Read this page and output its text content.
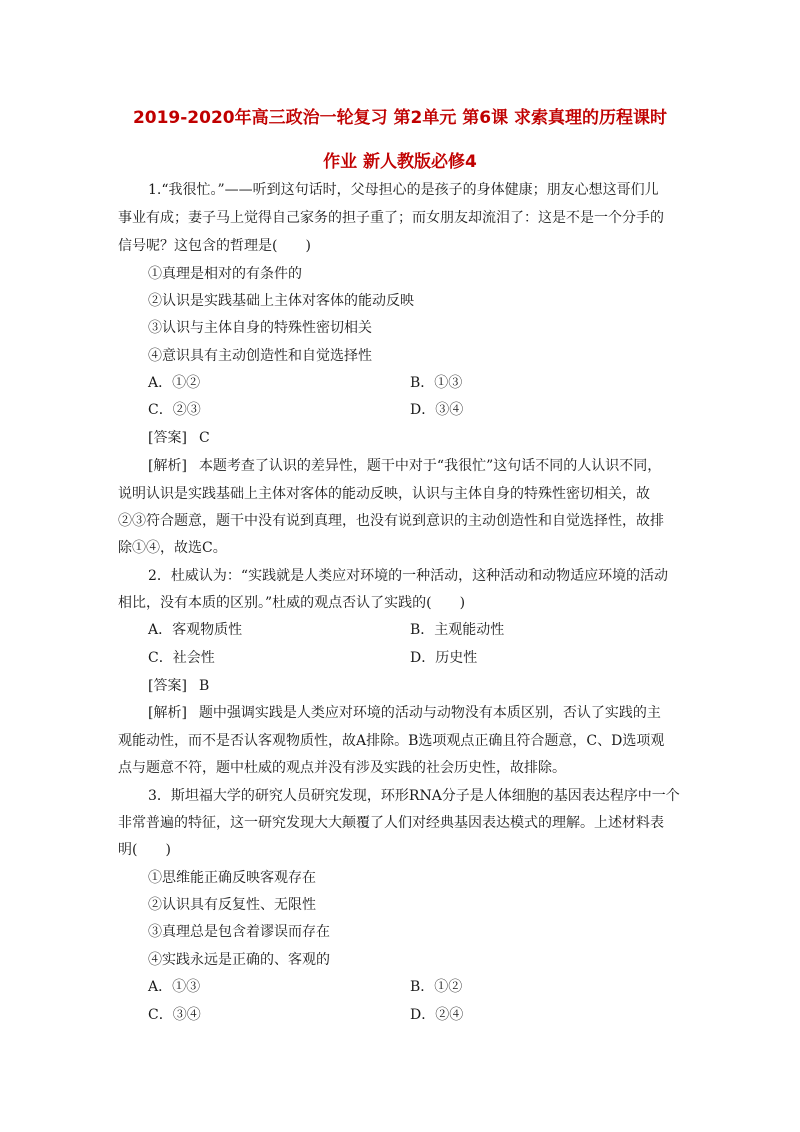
2019-2020年高三政治一轮复习 第2单元 第6课 求索真理的历程课时
作业 新人教版必修4
1.“我很忙。”——听到这句话时，父母担心的是孩子的身体健康；朋友心想这哥们儿
事业有成；妻子马上觉得自己家务的担子重了；而女朋友却流泪了：这是不是一个分手的
信号呢？这包含的哲理是(　　)
①真理是相对的有条件的
②认识是实践基础上主体对客体的能动反映
③认识与主体自身的特殊性密切相关
④意识具有主动创造性和自觉选择性
A．①②	B．①③
C．②③	D．③④
[答案] C
[解析] 本题考查了认识的差异性，题干中对于“我很忙”这句话不同的人认识不同，
说明认识是实践基础上主体对客体的能动反映，认识与主体自身的特殊性密切相关，故
②③符合题意，题干中没有说到真理，也没有说到意识的主动创造性和自觉选择性，故排
除①④，故选C。
2．杜威认为：“实践就是人类应对环境的一种活动，这种活动和动物适应环境的活动
相比，没有本质的区别。”杜威的观点否认了实践的(　　)
A．客观物质性	B．主观能动性
C．社会性	D．历史性
[答案] B
[解析] 题中强调实践是人类应对环境的活动与动物没有本质区别，否认了实践的主
观能动性，而不是否认客观物质性，故A排除。B选项观点正确且符合题意，C、D选项观
点与题意不符，题中杜威的观点并没有涉及实践的社会历史性，故排除。
3．斯坦福大学的研究人员研究发现，环形RNA分子是人体细胞的基因表达程序中一个
非常普遍的特征，这一研究发现大大颠覆了人们对经典基因表达模式的理解。上述材料表
明(　　)
①思维能正确反映客观存在
②认识具有反复性、无限性
③真理总是包含着谬误而存在
④实践永远是正确的、客观的
A．①③	B．①②
C．③④	D．②④
